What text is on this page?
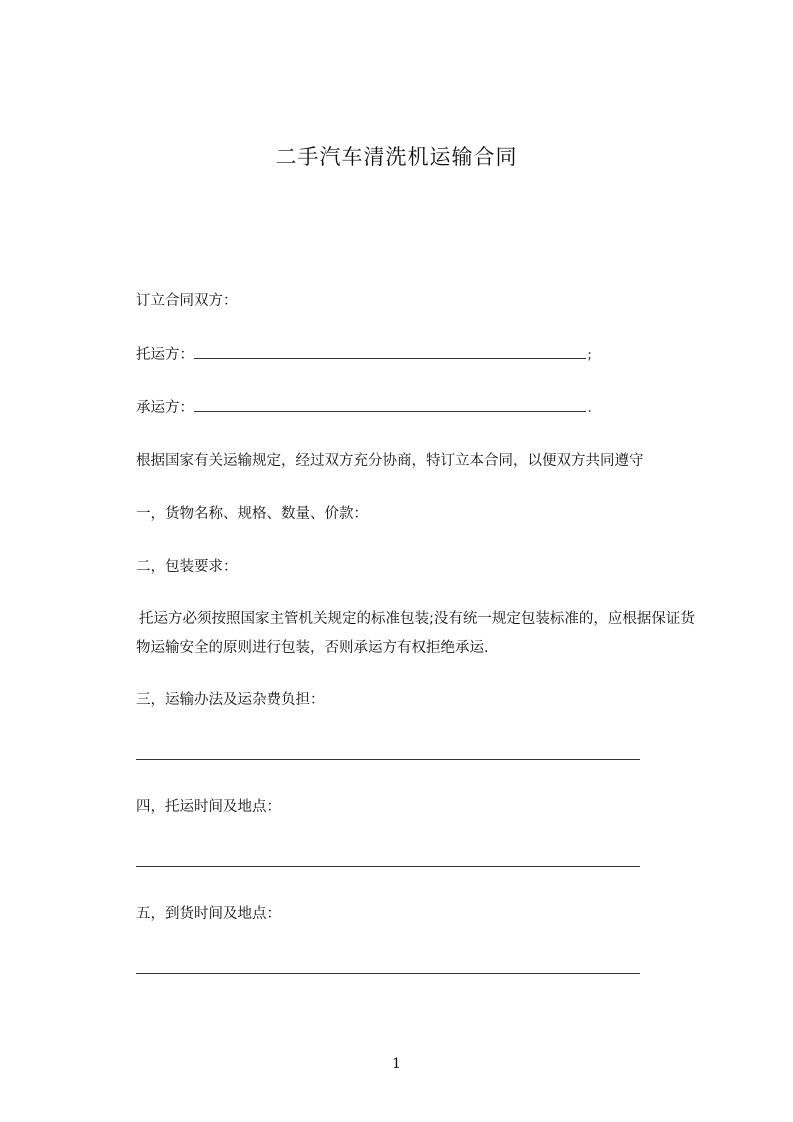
二手汽车清洗机运输合同
订立合同双方：
托运方：	;
承运方：	.
根据国家有关运输规定，经过双方充分协商，特订立本合同，以便双方共同遵守
一，货物名称、规格、数量、价款：
二，包装要求：
托运方必须按照国家主管机关规定的标准包装;没有统一规定包装标准的，应根据保证货物运输安全的原则进行包装，否则承运方有权拒绝承运.
三，运输办法及运杂费负担：
四，托运时间及地点：
五，到货时间及地点：
1
